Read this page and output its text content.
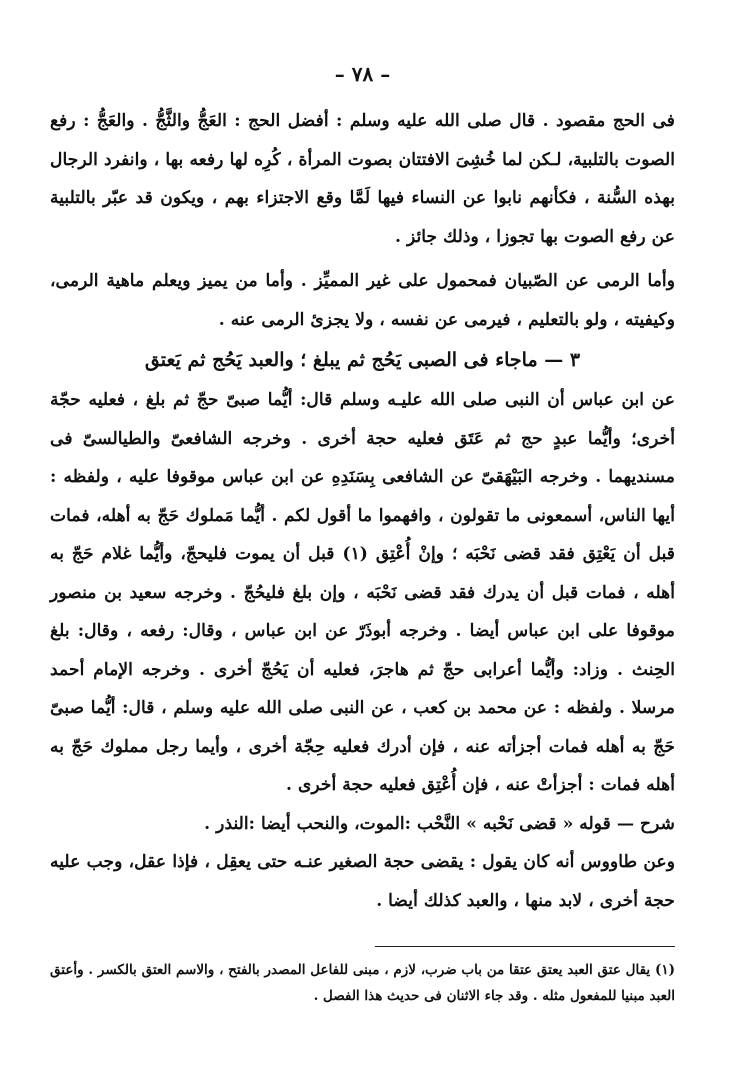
– ٧٨ –

فى الحج مقصود . قال صلى الله عليه وسلم : أفضل الحج : العَجُّ والثَّجُّ . والعَجُّ : رفع الصوت بالتلبية، لـكن لما خُشِىَ الافتتان بصوت المرأة ، كُرِه لها رفعه بها ، وانفرد الرجال بهذه السُّنة ، فكأنهم نابوا عن النساء فيها لَمَّا وقع الاجتزاء بهم ، ويكون قد عبّر بالتلبية عن رفع الصوت بها تجوزا ، وذلك جائز .

وأما الرمى عن الصّبيان فمحمول على غير المميِّز . وأما من يميز ويعلم ماهية الرمى، وكيفيته ، ولو بالتعليم ، فيرمى عن نفسه ، ولا يجزئ الرمى عنه .

٣ — ماجاء فى الصبى يَحُج ثم يبلغ ؛ والعبد يَحُج ثم يَعتق

عن ابن عباس أن النبى صلى الله عليـه وسلم قال: أيُّما صبىّ حجّ ثم بلغ ، فعليه حجّة أخرى؛ وأيُّما عبدٍ حج ثم عَتَق فعليه حجة أخرى . وخرجه الشافعىّ والطيالسىّ فى مسنديهما . وخرجه البَيْهَقىّ عن الشافعى بِسَنَدِهِ عن ابن عباس موقوفا عليه ، ولفظه : أيها الناس، أسمعونى ما تقولون ، وافهموا ما أقول لكم . أيُّما مَملوك حَجّ به أهله، فمات قبل أن يَعْتِق فقد قضى نَحْبَه ؛ وإنْ أُعْتِق (١) قبل أن يموت فليحجّ، وأيُّما غلام حَجّ به أهله ، فمات قبل أن يدرك فقد قضى نَحْبَه ، وإن بلغ فليحُجّ . وخرجه سعيد بن منصور موقوفا على ابن عباس أيضا . وخرجه أبوذَرّ عن ابن عباس ، وقال: رفعه ، وقال: بلغ الحِنث . وزاد: وأيُّما أعرابى حجّ ثم هاجرَ، فعليه أن يَحُجّ أخرى . وخرجه الإمام أحمد مرسلا . ولفظه : عن محمد بن كعب ، عن النبى صلى الله عليه وسلم ، قال: أيُّما صبىّ حَجّ به أهله فمات أجزأته عنه ، فإن أدرك فعليه حِجّة أخرى ، وأيما رجل مملوك حَجّ به أهله فمات : أجزأتْ عنه ، فإن أُعْتِق فعليه حجة أخرى .

شرح — قوله « قضى نَحْبه » النَّحْب :الموت، والنحب أيضا :النذر .

وعن طاووس أنه كان يقول : يقضى حجة الصغير عنـه حتى يعقِل ، فإذا عقل، وجب عليه حجة أخرى ، لابد منها ، والعبد كذلك أيضا .

(١) يقال عتق العبد يعتق عتقا من باب ضرب، لازم ، مبنى للفاعل المصدر بالفتح ، والاسم العتق بالكسر . وأعتق العبد مبنيا للمفعول مثله . وقد جاء الاثنان فى حديث هذا الفصل .
